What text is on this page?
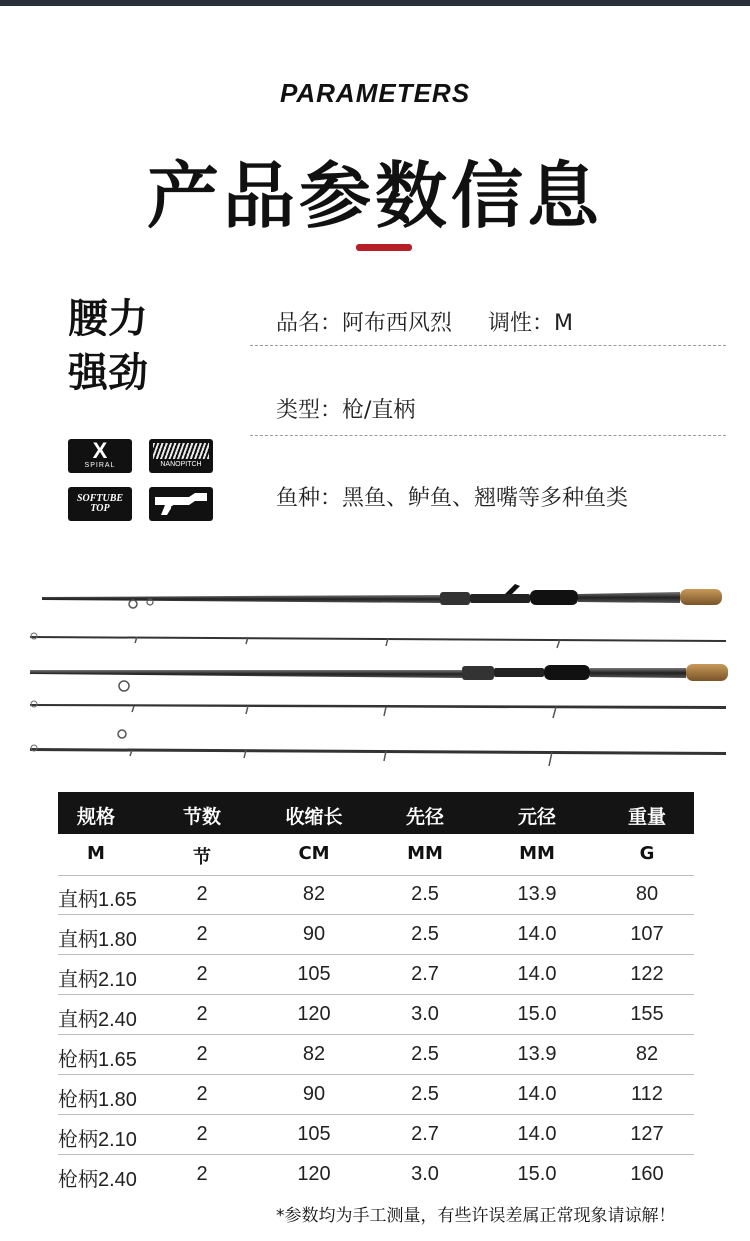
PARAMETERS
产品参数信息
腰力
强劲
X
SPIRAL	NANOPITCH
SOFTUBE
TOP
品名：阿布西风烈 调性：M
类型：枪/直柄
鱼种：黑鱼、鲈鱼、翘嘴等多种鱼类
规格	节数	收缩长	先径	元径	重量
M	节	CM	MM	MM	G
直柄1.65	2	82	2.5	13.9	80
直柄1.80	2	90	2.5	14.0	107
直柄2.10	2	105	2.7	14.0	122
直柄2.40	2	120	3.0	15.0	155
枪柄1.65	2	82	2.5	13.9	82
枪柄1.80	2	90	2.5	14.0	112
枪柄2.10	2	105	2.7	14.0	127
枪柄2.40	2	120	3.0	15.0	160
*参数均为手工测量，有些许误差属正常现象请谅解！
